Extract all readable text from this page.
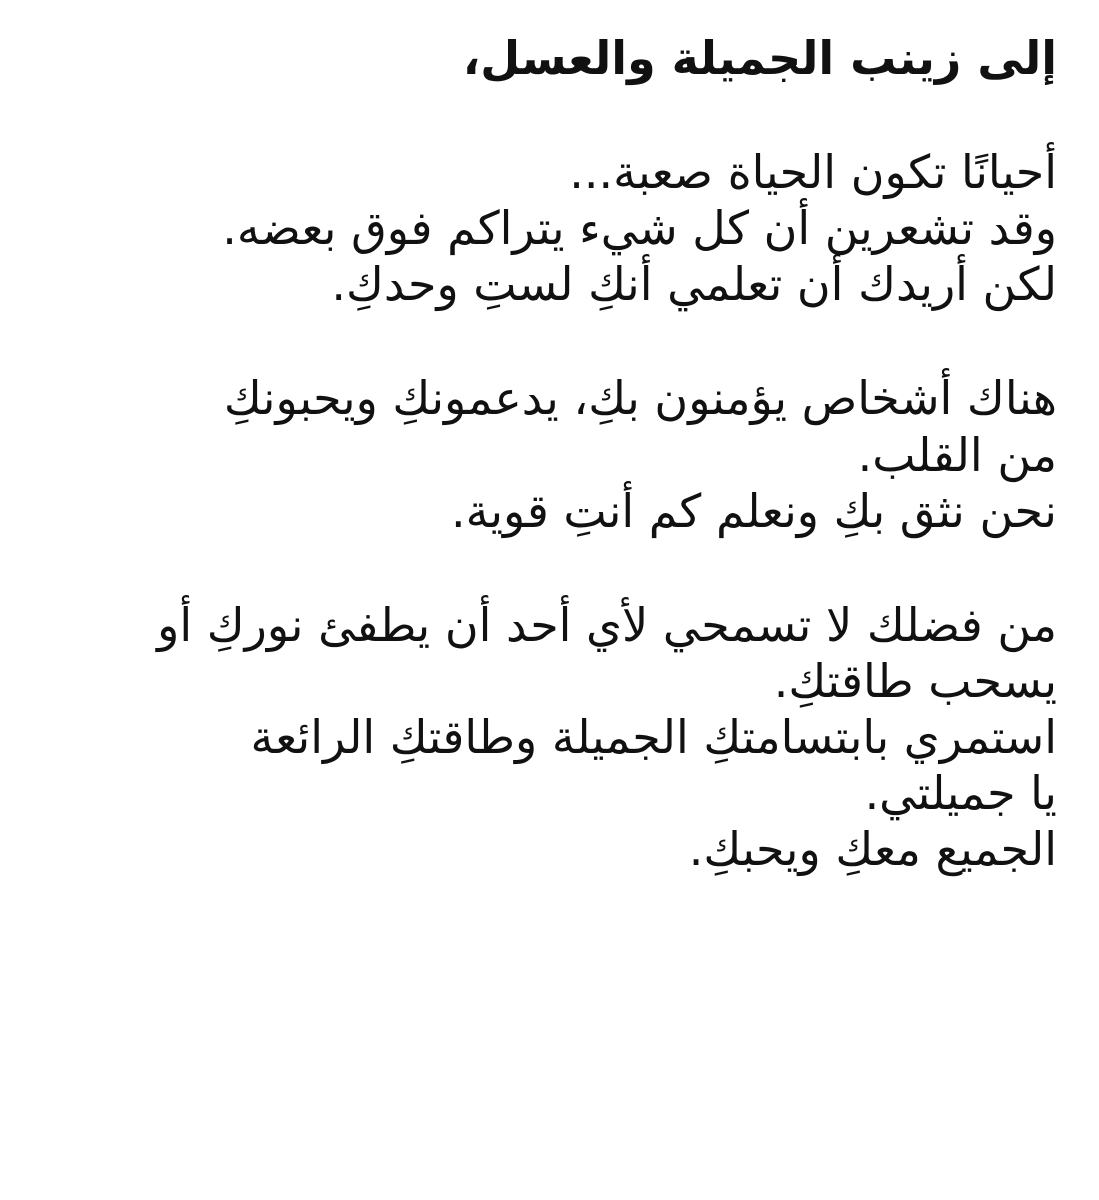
إلى زينب الجميلة والعسل،

أحيانًا تكون الحياة صعبة...
وقد تشعرين أن كل شيء يتراكم فوق بعضه.
لكن أريدك أن تعلمي أنكِ لستِ وحدكِ.

هناك أشخاص يؤمنون بكِ، يدعمونكِ ويحبونكِ
من القلب.
نحن نثق بكِ ونعلم كم أنتِ قوية.

من فضلك لا تسمحي لأي أحد أن يطفئ نوركِ أو
يسحب طاقتكِ.
استمري بابتسامتكِ الجميلة وطاقتكِ الرائعة
يا جميلتي.
الجميع معكِ ويحبكِ.
